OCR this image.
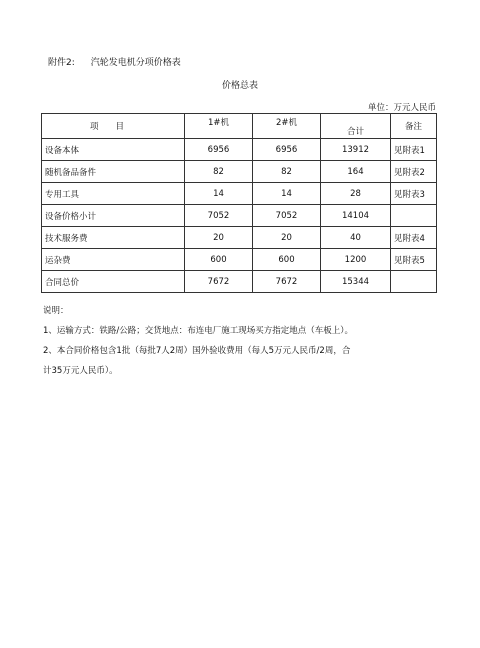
附件2: 汽轮发电机分项价格表
价格总表
单位：万元人民币
项　　目	1#机	2#机	合计	备注
设备本体	6956	6956	13912	见附表1
随机备品备件	82	82	164	见附表2
专用工具	14	14	28	见附表3
设备价格小计	7052	7052	14104	
技术服务费	20	20	40	见附表4
运杂费	600	600	1200	见附表5
合同总价	7672	7672	15344	
说明：
1、运输方式：铁路/公路；交货地点：布连电厂施工现场买方指定地点（车板上）。
2、本合同价格包含1批（每批7人2周）国外验收费用（每人5万元人民币/2周，合
计35万元人民币）。
